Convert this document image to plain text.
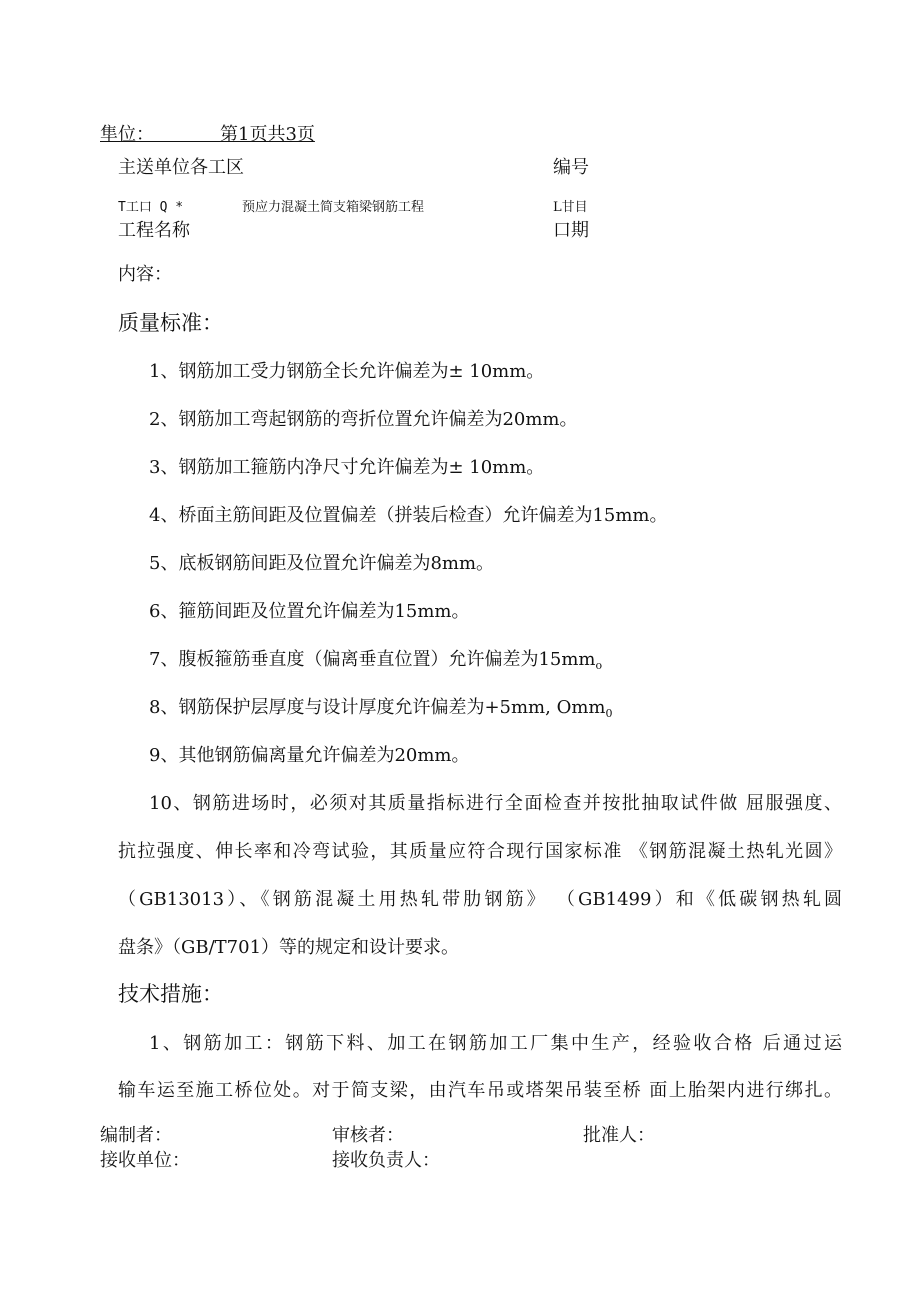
隼位：	第1页共3页
主送单位各工区	编号
T工口 Q *	预应力混凝土简支箱梁钢筋工程	L甘目
工程名称	口期
内容：
质量标准：
1、钢筋加工受力钢筋全长允许偏差为± 10mm。
2、钢筋加工弯起钢筋的弯折位置允许偏差为20mm。
3、钢筋加工箍筋内净尺寸允许偏差为± 10mm。
4、桥面主筋间距及位置偏差（拼装后检查）允许偏差为15mm。
5、底板钢筋间距及位置允许偏差为8mm。
6、箍筋间距及位置允许偏差为15mm。
7、腹板箍筋垂直度（偏离垂直位置）允许偏差为$15mm_o$
8、钢筋保护层厚度与设计厚度允许偏差为+5mm, Omm$_0$
9、其他钢筋偏离量允许偏差为20mm。
10、钢筋进场时，必须对其质量指标进行全面检查并按批抽取试件做 屈服强度、
抗拉强度、伸长率和冷弯试验，其质量应符合现行国家标准 《钢筋混凝土热轧光圆》
（GB13013）、《钢筋混凝土用热轧带肋钢筋》 （GB1499）和《低碳钢热轧圆
盘条》（GB/T701）等的规定和设计要求。
技术措施：
1、钢筋加工：钢筋下料、加工在钢筋加工厂集中生产，经验收合格 后通过运
输车运至施工桥位处。对于简支梁，由汽车吊或塔架吊装至桥 面上胎架内进行绑扎。
编制者：	审核者：	批准人：
接收单位：	接收负责人：
